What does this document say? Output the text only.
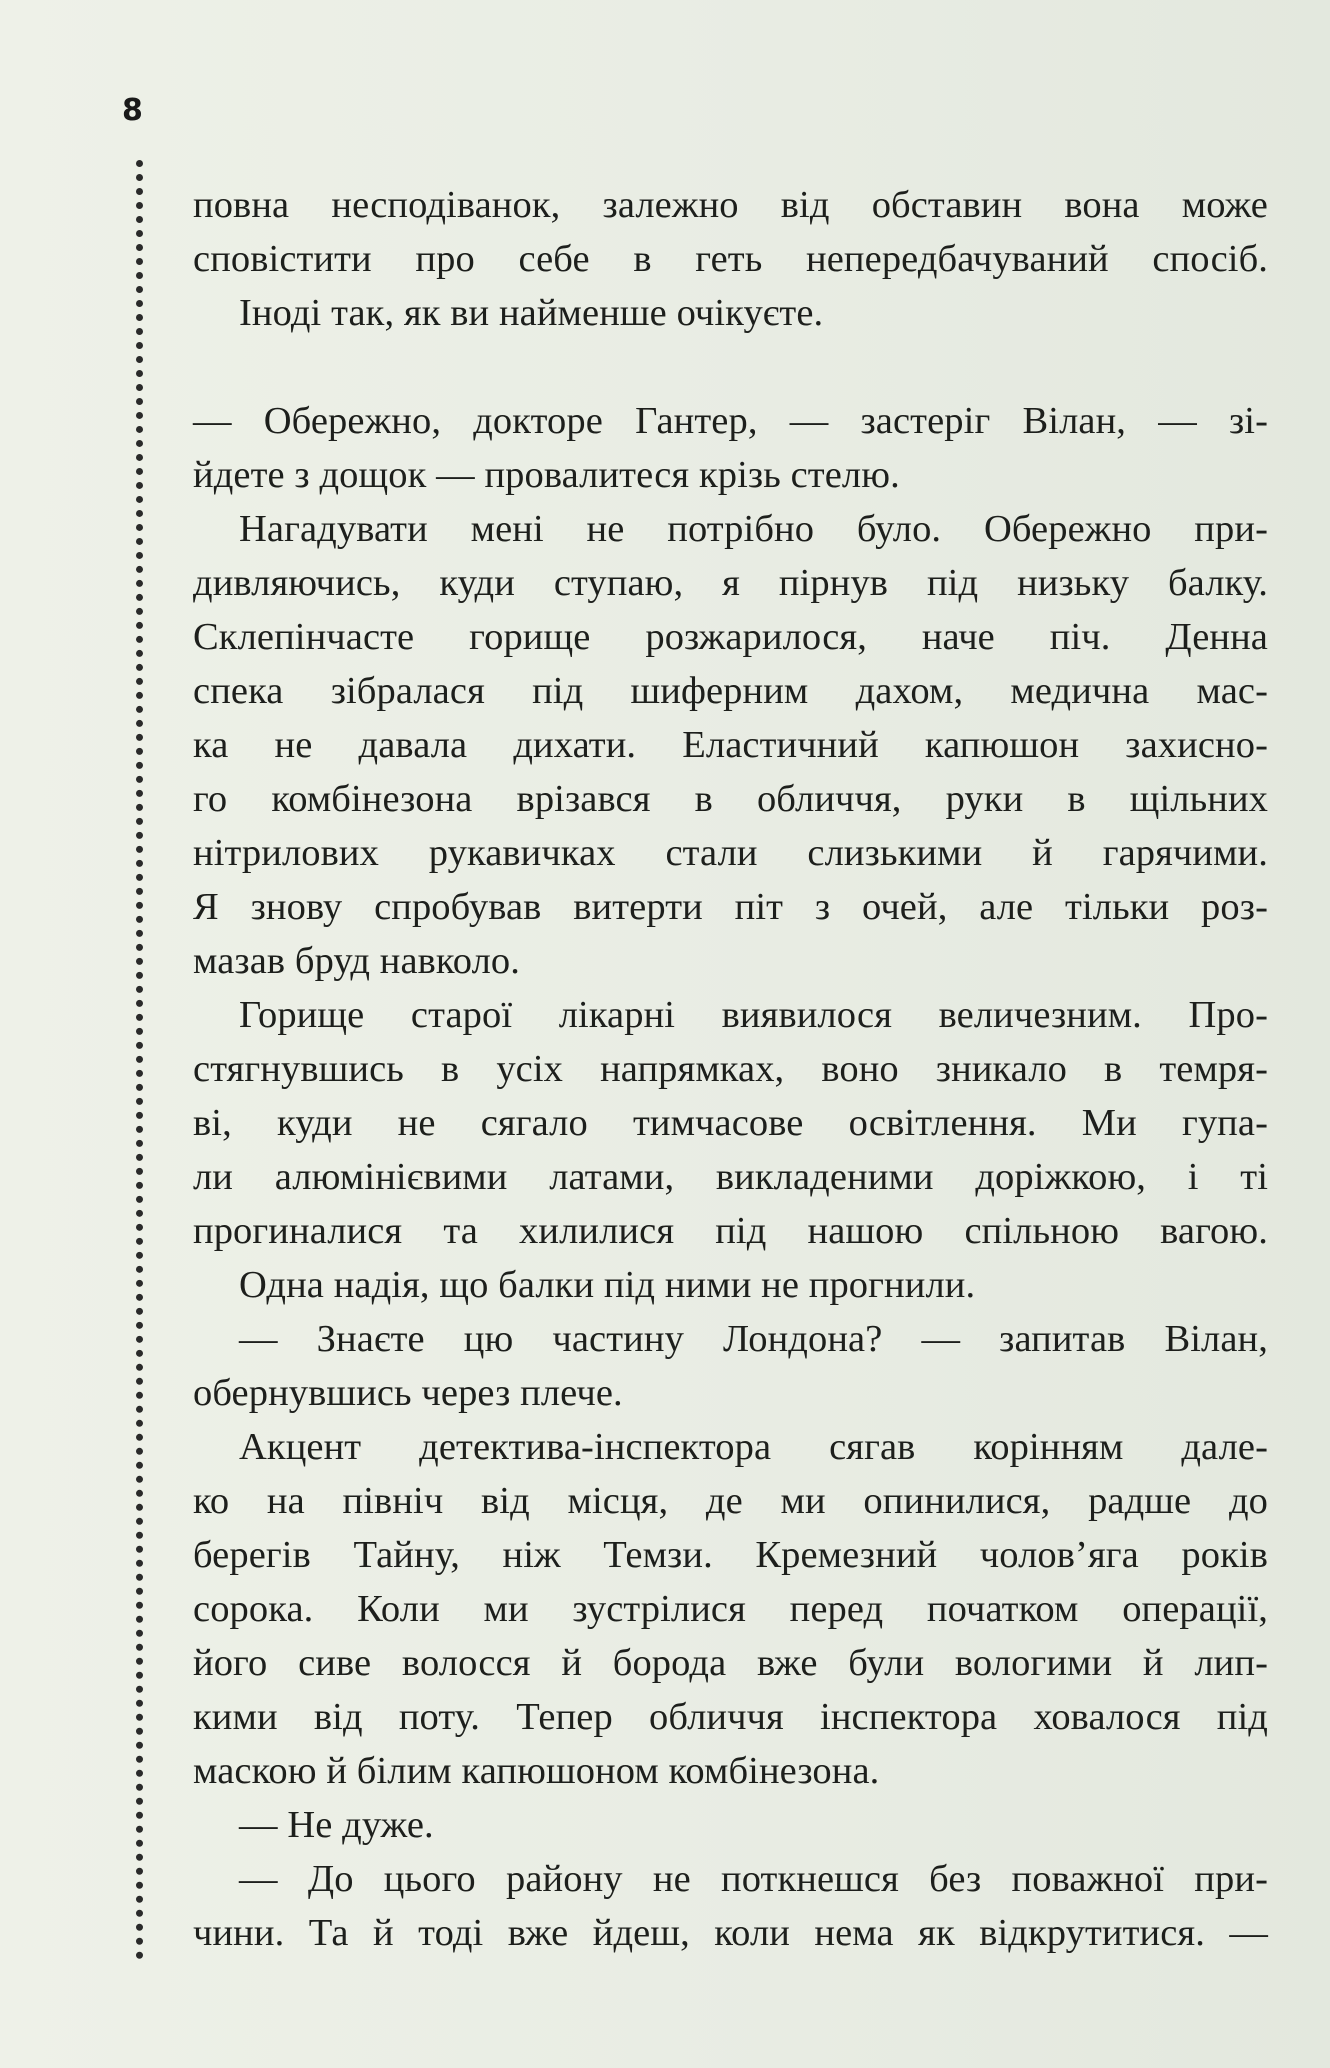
8
повна несподіванок, залежно від обставин вона може
сповістити про себе в геть непередбачуваний спосіб.
Іноді так, як ви найменше очікуєте.
— Обережно, докторе Гантер, — застеріг Вілан, — зі-
йдете з дощок — провалитеся крізь стелю.
Нагадувати мені не потрібно було. Обережно при-
дивляючись, куди ступаю, я пірнув під низьку балку.
Склепінчасте горище розжарилося, наче піч. Денна
спека зібралася під шиферним дахом, медична мас-
ка не давала дихати. Еластичний капюшон захисно-
го комбінезона врізався в обличчя, руки в щільних
нітрилових рукавичках стали слизькими й гарячими.
Я знову спробував витерти піт з очей, але тільки роз-
мазав бруд навколо.
Горище старої лікарні виявилося величезним. Про-
стягнувшись в усіх напрямках, воно зникало в темря-
ві, куди не сягало тимчасове освітлення. Ми гупа-
ли алюмінієвими латами, викладеними доріжкою, і ті
прогиналися та хилилися під нашою спільною вагою.
Одна надія, що балки під ними не прогнили.
— Знаєте цю частину Лондона? — запитав Вілан,
обернувшись через плече.
Акцент детектива-інспектора сягав корінням дале-
ко на північ від місця, де ми опинилися, радше до
берегів Тайну, ніж Темзи. Кремезний чолов’яга років
сорока. Коли ми зустрілися перед початком операції,
його сиве волосся й борода вже були вологими й лип-
кими від поту. Тепер обличчя інспектора ховалося під
маскою й білим капюшоном комбінезона.
— Не дуже.
— До цього району не поткнешся без поважної при-
чини. Та й тоді вже йдеш, коли нема як відкрутитися. —
